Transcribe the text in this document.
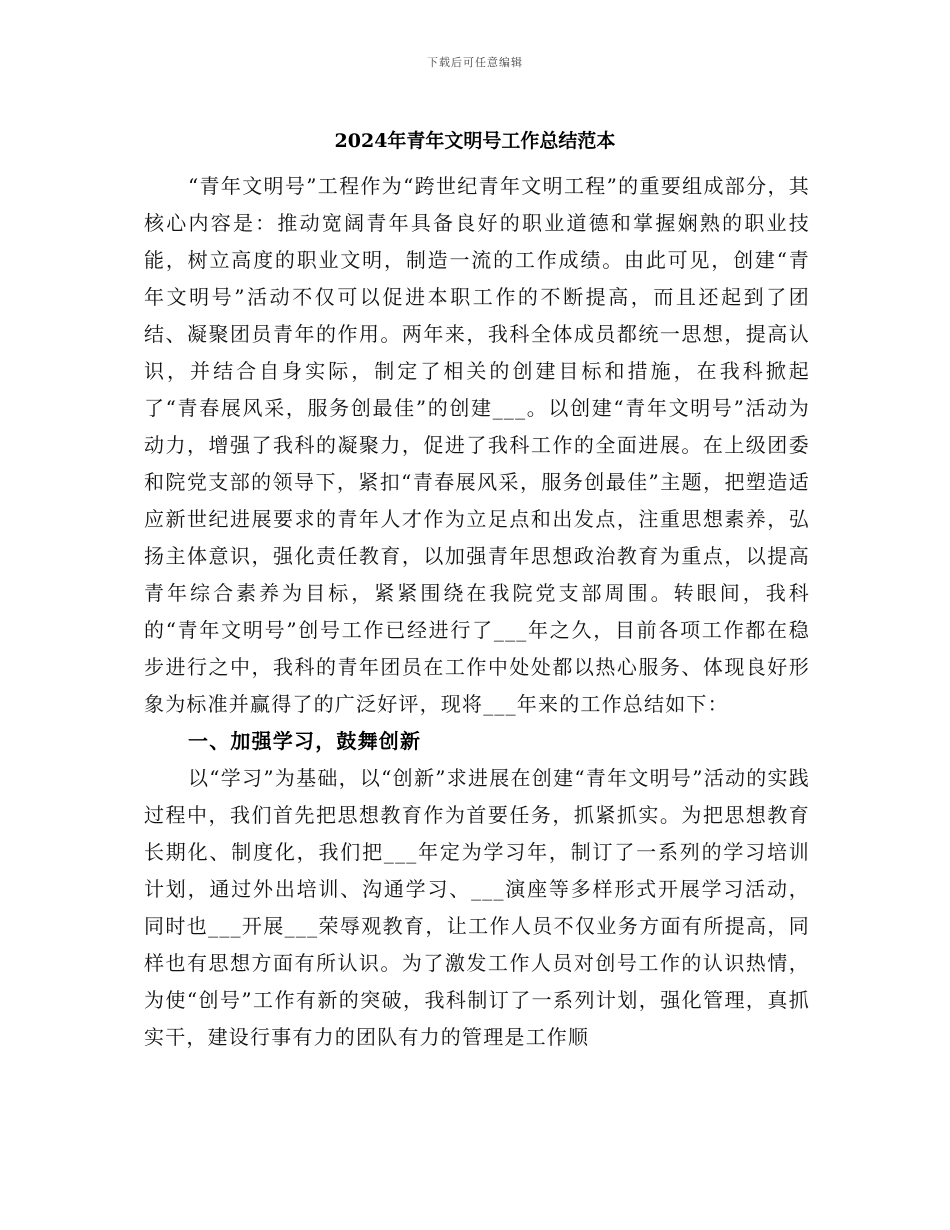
下载后可任意编辑
2024年青年文明号工作总结范本

“青年文明号”工程作为“跨世纪青年文明工程”的重要组成部分，其核心内容是：推动宽阔青年具备良好的职业道德和掌握娴熟的职业技能，树立高度的职业文明，制造一流的工作成绩。由此可见，创建“青年文明号”活动不仅可以促进本职工作的不断提高，而且还起到了团结、凝聚团员青年的作用。两年来，我科全体成员都统一思想，提高认识，并结合自身实际，制定了相关的创建目标和措施，在我科掀起了“青春展风采，服务创最佳”的创建___。以创建“青年文明号”活动为动力，增强了我科的凝聚力，促进了我科工作的全面进展。在上级团委和院党支部的领导下，紧扣“青春展风采，服务创最佳”主题，把塑造适应新世纪进展要求的青年人才作为立足点和出发点，注重思想素养，弘扬主体意识，强化责任教育，以加强青年思想政治教育为重点，以提高青年综合素养为目标，紧紧围绕在我院党支部周围。转眼间，我科的“青年文明号”创号工作已经进行了___年之久，目前各项工作都在稳步进行之中，我科的青年团员在工作中处处都以热心服务、体现良好形象为标准并赢得了的广泛好评，现将___年来的工作总结如下：

一、加强学习，鼓舞创新

以“学习”为基础，以“创新”求进展在创建“青年文明号”活动的实践过程中，我们首先把思想教育作为首要任务，抓紧抓实。为把思想教育长期化、制度化，我们把___年定为学习年，制订了一系列的学习培训计划，通过外出培训、沟通学习、___演座等多样形式开展学习活动，同时也___开展___荣辱观教育，让工作人员不仅业务方面有所提高，同样也有思想方面有所认识。为了激发工作人员对创号工作的认识热情，为使“创号”工作有新的突破，我科制订了一系列计划，强化管理，真抓实干，建设行事有力的团队有力的管理是工作顺
